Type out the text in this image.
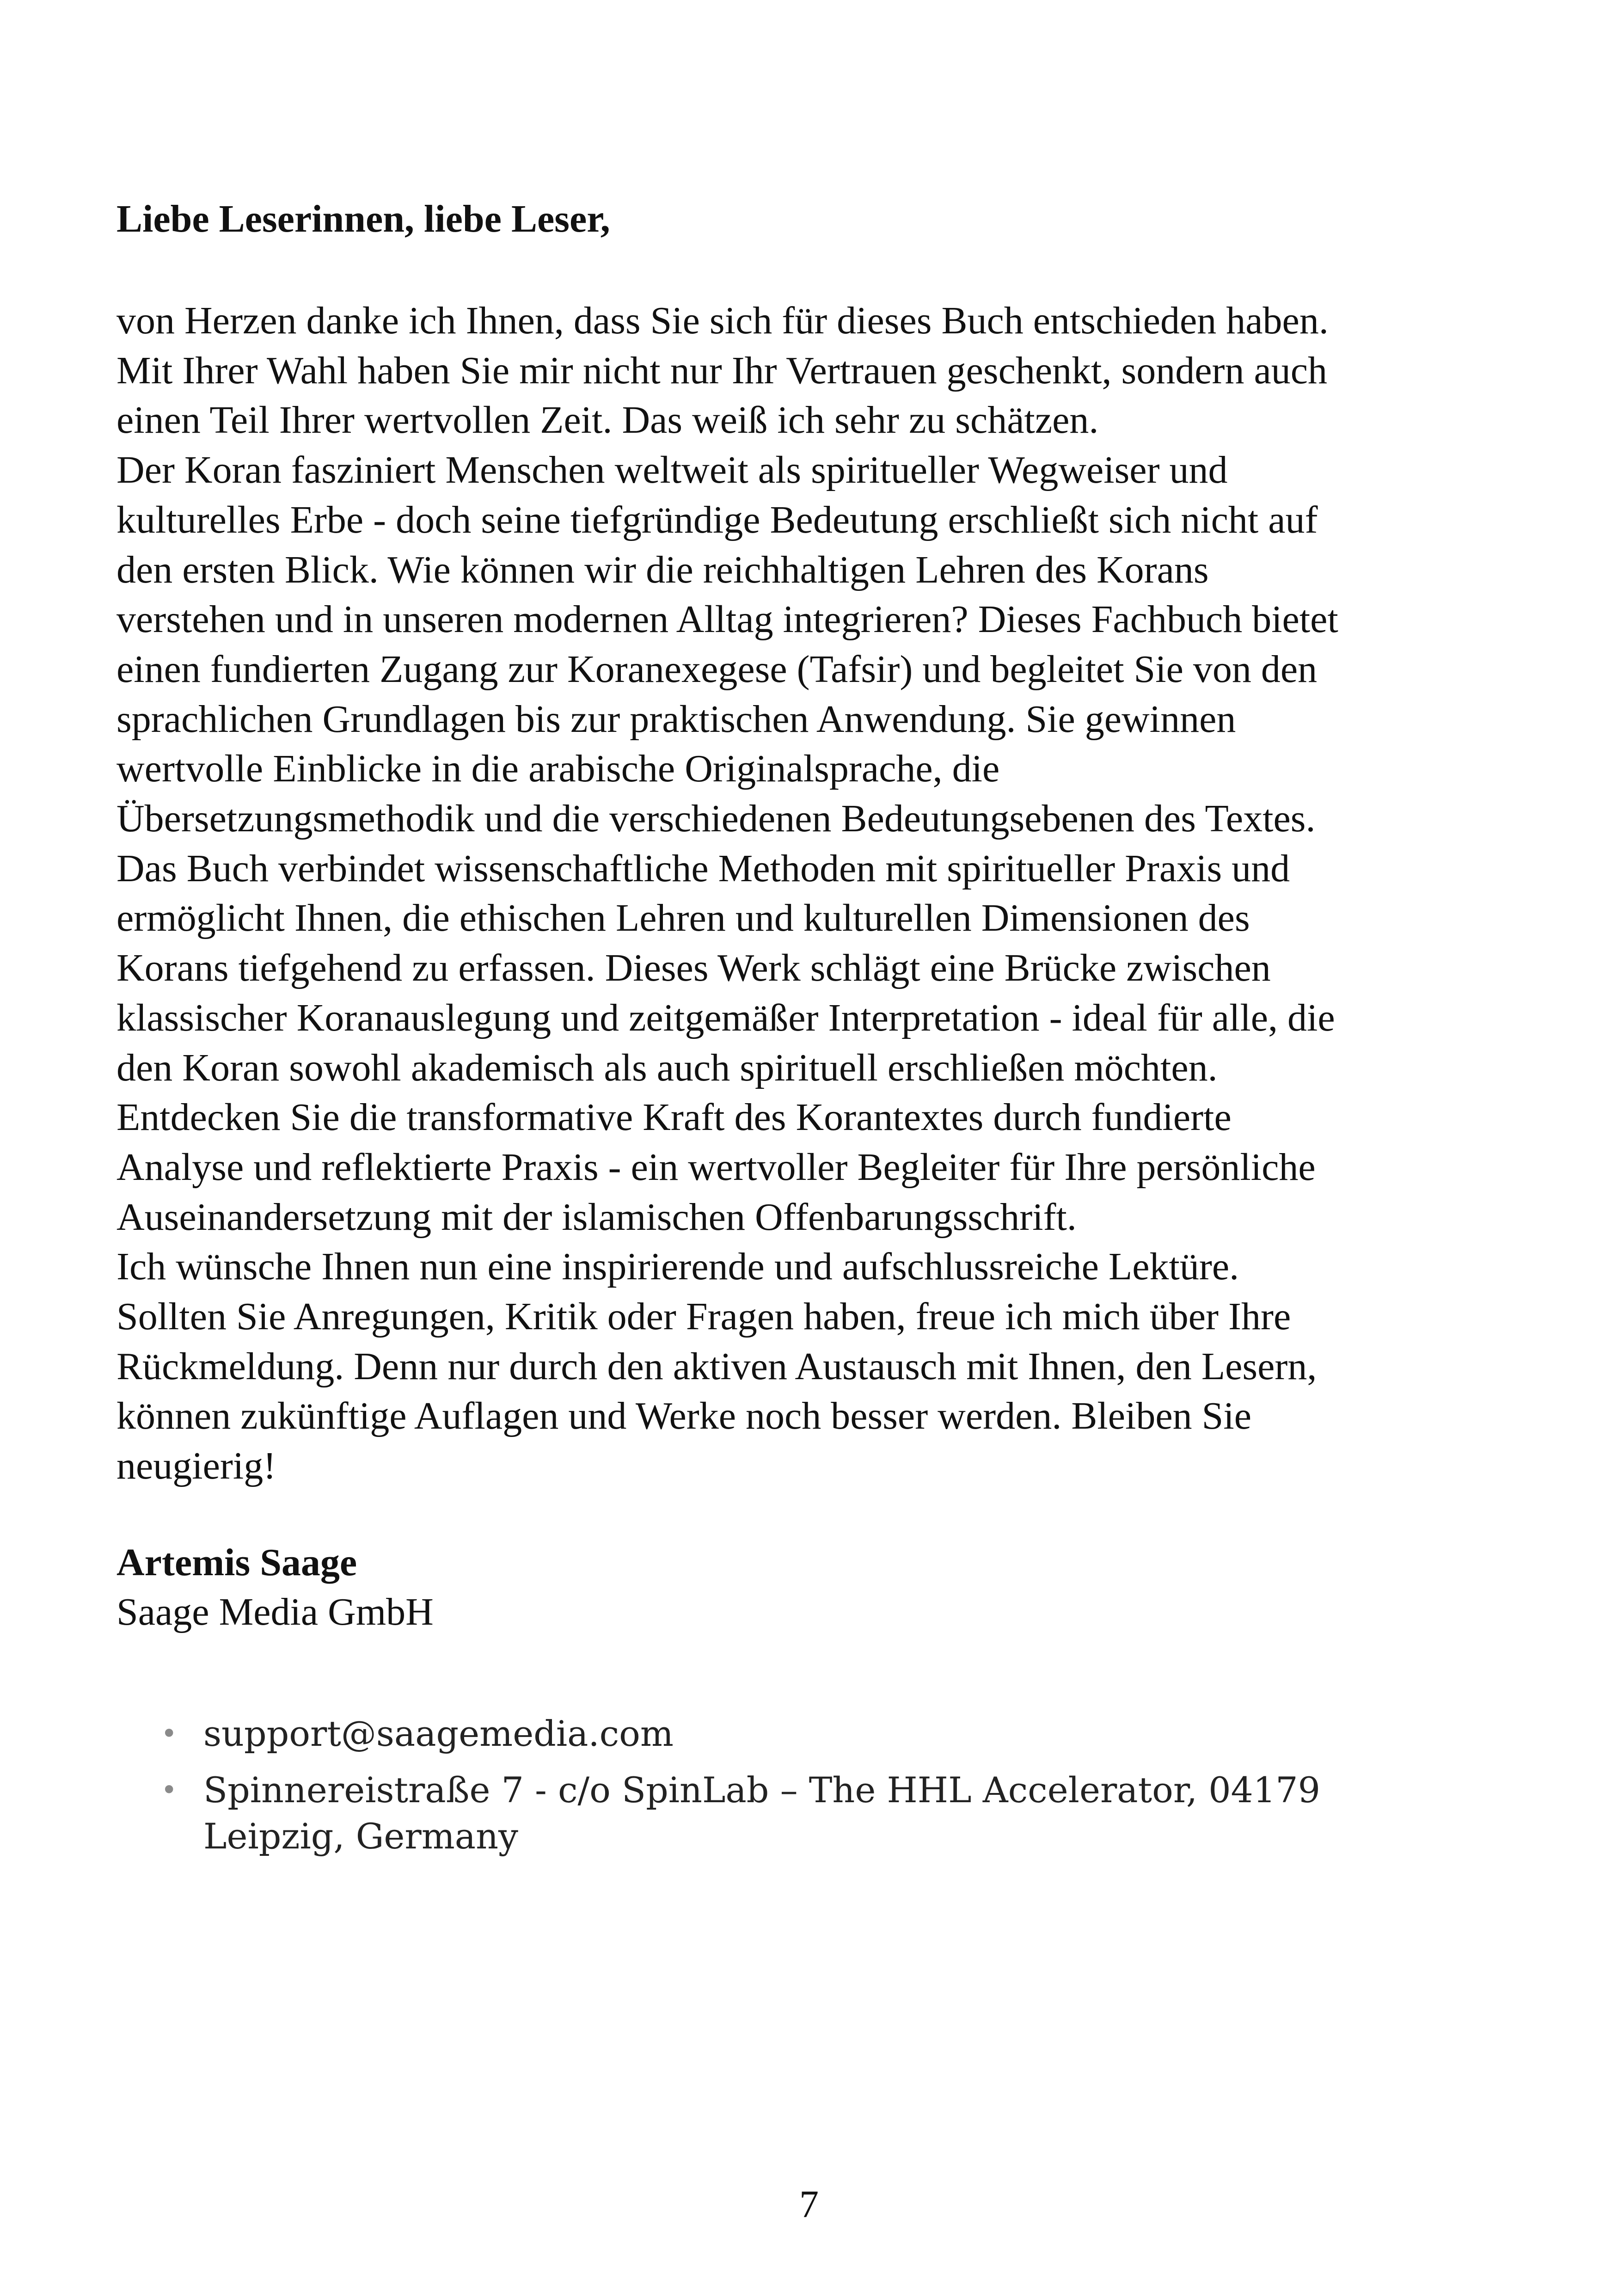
Liebe Leserinnen, liebe Leser,

von Herzen danke ich Ihnen, dass Sie sich für dieses Buch entschieden haben.
Mit Ihrer Wahl haben Sie mir nicht nur Ihr Vertrauen geschenkt, sondern auch
einen Teil Ihrer wertvollen Zeit. Das weiß ich sehr zu schätzen.
Der Koran fasziniert Menschen weltweit als spiritueller Wegweiser und
kulturelles Erbe - doch seine tiefgründige Bedeutung erschließt sich nicht auf
den ersten Blick. Wie können wir die reichhaltigen Lehren des Korans
verstehen und in unseren modernen Alltag integrieren? Dieses Fachbuch bietet
einen fundierten Zugang zur Koranexegese (Tafsir) und begleitet Sie von den
sprachlichen Grundlagen bis zur praktischen Anwendung. Sie gewinnen
wertvolle Einblicke in die arabische Originalsprache, die
Übersetzungsmethodik und die verschiedenen Bedeutungsebenen des Textes.
Das Buch verbindet wissenschaftliche Methoden mit spiritueller Praxis und
ermöglicht Ihnen, die ethischen Lehren und kulturellen Dimensionen des
Korans tiefgehend zu erfassen. Dieses Werk schlägt eine Brücke zwischen
klassischer Koranauslegung und zeitgemäßer Interpretation - ideal für alle, die
den Koran sowohl akademisch als auch spirituell erschließen möchten.
Entdecken Sie die transformative Kraft des Korantextes durch fundierte
Analyse und reflektierte Praxis - ein wertvoller Begleiter für Ihre persönliche
Auseinandersetzung mit der islamischen Offenbarungsschrift.
Ich wünsche Ihnen nun eine inspirierende und aufschlussreiche Lektüre.
Sollten Sie Anregungen, Kritik oder Fragen haben, freue ich mich über Ihre
Rückmeldung. Denn nur durch den aktiven Austausch mit Ihnen, den Lesern,
können zukünftige Auflagen und Werke noch besser werden. Bleiben Sie
neugierig!

Artemis Saage
Saage Media GmbH

• support@saagemedia.com
• Spinnereistraße 7 - c/o SpinLab – The HHL Accelerator, 04179
Leipzig, Germany

7
